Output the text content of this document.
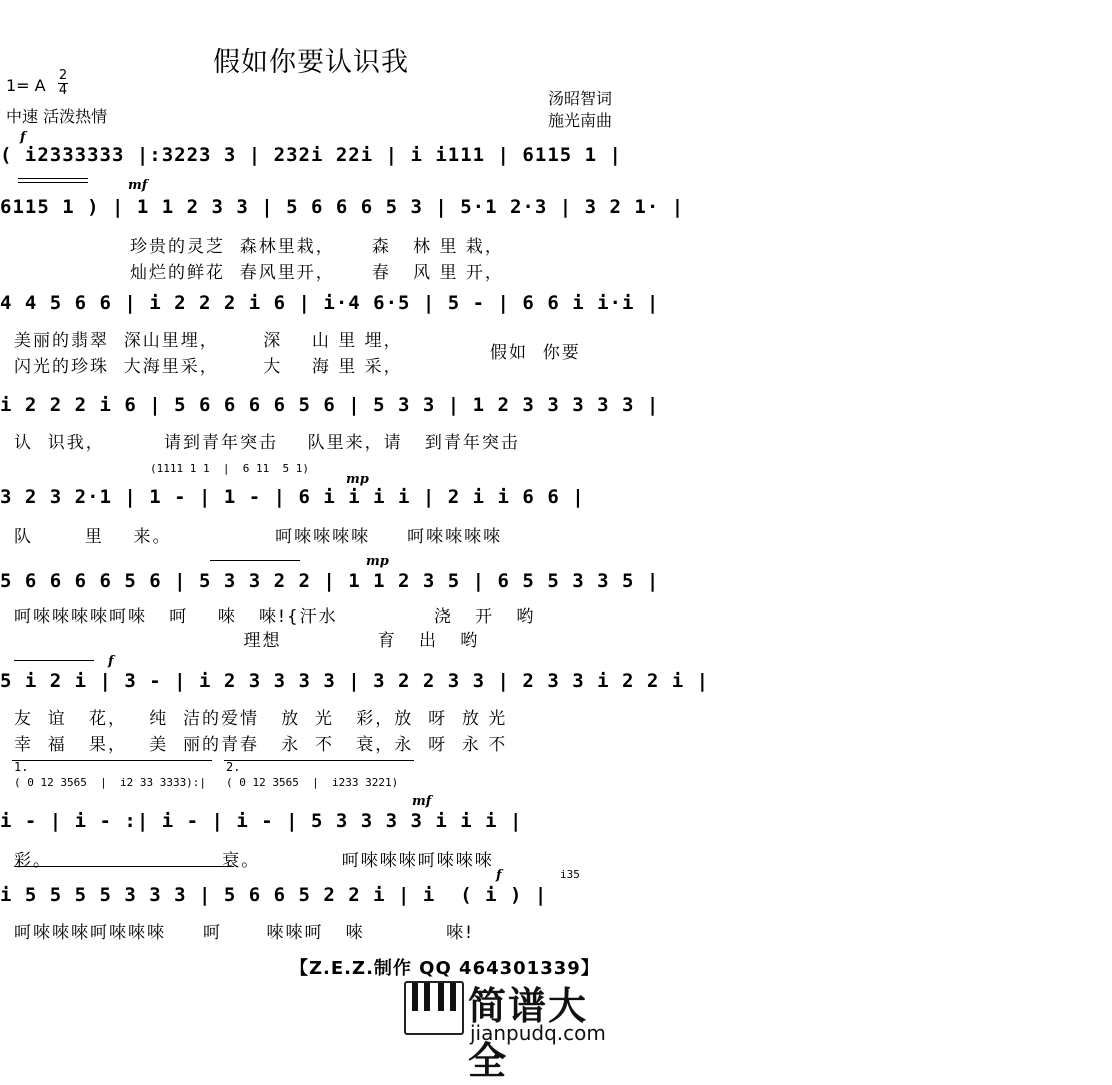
假如你要认识我
1= A
2
4
中速 活泼热情
汤昭智词
施光南曲
f
( i2333333 |:3223 3 | 232i 22i | i i111 | 6115 1 |
mf
6115 1 ) | 1 1 2 3 3 | 5 6 6 6 5 3 | 5·1 2·3 | 3 2 1· |
珍贵的灵芝  森林里栽，     森   林 里 栽，
灿烂的鲜花  春风里开，     春   风 里 开，
4 4 5 6 6 | i 2 2 2 i 6 | i·4 6·5 | 5 - | 6 6 i i·i |
美丽的翡翠  深山里埋，      深    山 里 埋，
闪光的珍珠  大海里采，      大    海 里 采，
假如  你要
i 2 2 2 i 6 | 5 6 6 6 6 5 6 | 5 3 3 | 1 2 3 3 3 3 3 |
认  识我，        请到青年突击    队里来，请   到青年突击
(1111 1 1  |  6 11  5 1)
mp
3 2 3 2·1 | 1 - | 1 - | 6 i i i i | 2 i i 6 6 |
队       里    来。              呵唻唻唻唻     呵唻唻唻唻
mp
5 6 6 6 6 5 6 | 5 3 3 2 2 | 1 1 2 3 5 | 6 5 5 3 3 5 |
呵唻唻唻唻呵唻   呵    唻   唻!{汗水             浇   开   哟
理想             育   出   哟
f
5 i 2 i | 3 - | i 2 3 3 3 3 | 3 2 2 3 3 | 2 3 3 i 2 2 i |
友  谊   花，   纯  洁的爱情   放  光   彩，放  呀  放 光
幸  福   果，   美  丽的青春   永  不   衰，永  呀  永 不
1.	2.
( 0 12 3565  |  i2 33 3333):| ( 0 12 3565  |  i233 3221)
mf
i - | i - :| i - | i - | 5 3 3 3 3 i i i |
彩。                       衰。           呵唻唻唻呵唻唻唻
f	i35
i 5 5 5 5 3 3 3 | 5 6 6 5 2 2 i | i  ( i ) |
呵唻唻唻呵唻唻唻     呵      唻唻呵   唻           唻!
【Z.E.Z.制作 QQ 464301339】
简谱大全
jianpudq.com
